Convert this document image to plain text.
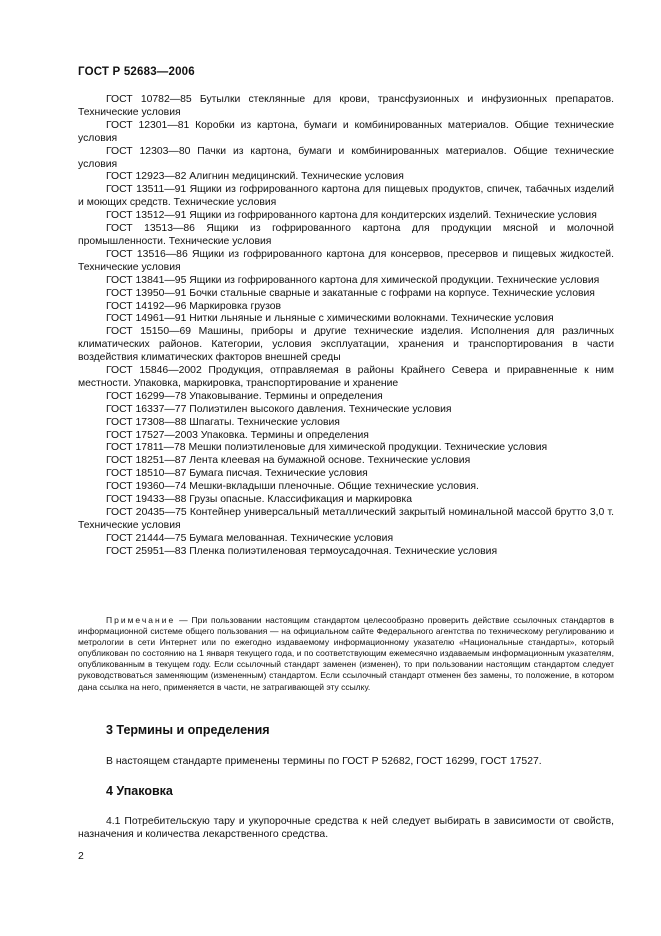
ГОСТ Р 52683—2006

ГОСТ 10782—85 Бутылки стеклянные для крови, трансфузионных и инфузионных препаратов. Технические условия

ГОСТ 12301—81 Коробки из картона, бумаги и комбинированных материалов. Общие технические условия

ГОСТ 12303—80 Пачки из картона, бумаги и комбинированных материалов. Общие технические условия

ГОСТ 12923—82 Алигнин медицинский. Технические условия

ГОСТ 13511—91 Ящики из гофрированного картона для пищевых продуктов, спичек, табачных изделий и моющих средств. Технические условия

ГОСТ 13512—91 Ящики из гофрированного картона для кондитерских изделий. Технические условия

ГОСТ 13513—86 Ящики из гофрированного картона для продукции мясной и молочной промышленности. Технические условия

ГОСТ 13516—86 Ящики из гофрированного картона для консервов, пресервов и пищевых жидкостей. Технические условия

ГОСТ 13841—95 Ящики из гофрированного картона для химической продукции. Технические условия

ГОСТ 13950—91 Бочки стальные сварные и закатанные с гофрами на корпусе. Технические условия

ГОСТ 14192—96 Маркировка грузов

ГОСТ 14961—91 Нитки льняные и льняные с химическими волокнами. Технические условия

ГОСТ 15150—69 Машины, приборы и другие технические изделия. Исполнения для различных климатических районов. Категории, условия эксплуатации, хранения и транспортирования в части воздействия климатических факторов внешней среды

ГОСТ 15846—2002 Продукция, отправляемая в районы Крайнего Севера и приравненные к ним местности. Упаковка, маркировка, транспортирование и хранение

ГОСТ 16299—78 Упаковывание. Термины и определения

ГОСТ 16337—77 Полиэтилен высокого давления. Технические условия

ГОСТ 17308—88 Шпагаты. Технические условия

ГОСТ 17527—2003 Упаковка. Термины и определения

ГОСТ 17811—78 Мешки полиэтиленовые для химической продукции. Технические условия

ГОСТ 18251—87 Лента клеевая на бумажной основе. Технические условия

ГОСТ 18510—87 Бумага писчая. Технические условия

ГОСТ 19360—74 Мешки-вкладыши пленочные. Общие технические условия.

ГОСТ 19433—88 Грузы опасные. Классификация и маркировка

ГОСТ 20435—75 Контейнер универсальный металлический закрытый номинальной массой брутто 3,0 т. Технические условия

ГОСТ 21444—75 Бумага мелованная. Технические условия

ГОСТ 25951—83 Пленка полиэтиленовая термоусадочная. Технические условия

Примечание — При пользовании настоящим стандартом целесообразно проверить действие ссылочных стандартов в информационной системе общего пользования — на официальном сайте Федерального агентства по техническому регулированию и метрологии в сети Интернет или по ежегодно издаваемому информационному указателю «Национальные стандарты», который опубликован по состоянию на 1 января текущего года, и по соответствующим ежемесячно издаваемым информационным указателям, опубликованным в текущем году. Если ссылочный стандарт заменен (изменен), то при пользовании настоящим стандартом следует руководствоваться заменяющим (измененным) стандартом. Если ссылочный стандарт отменен без замены, то положение, в котором дана ссылка на него, применяется в части, не затрагивающей эту ссылку.

3 Термины и определения

В настоящем стандарте применены термины по ГОСТ Р 52682, ГОСТ 16299, ГОСТ 17527.

4 Упаковка

4.1 Потребительскую тару и укупорочные средства к ней следует выбирать в зависимости от свойств, назначения и количества лекарственного средства.

2
